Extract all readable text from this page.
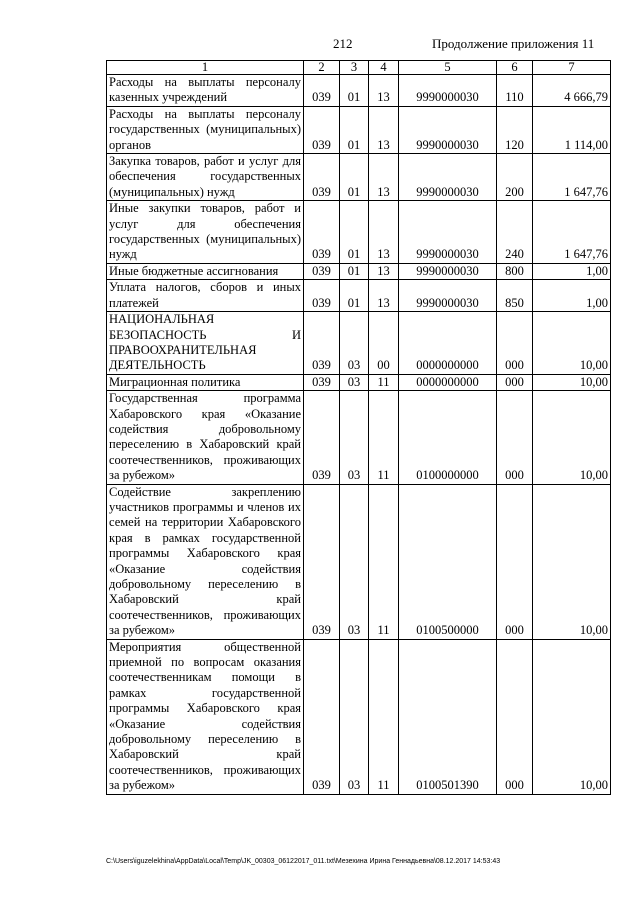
212	Продолжение приложения 11
1	2	3	4	5	6	7
Расходы на выплаты персоналу казенных учреждений	039	01	13	9990000030	110	4 666,79
Расходы на выплаты персоналу государственных (муниципальных) органов	039	01	13	9990000030	120	1 114,00
Закупка товаров, работ и услуг для обеспечения государственных (муниципальных) нужд	039	01	13	9990000030	200	1 647,76
Иные закупки товаров, работ и услуг для обеспечения государственных (муниципальных) нужд	039	01	13	9990000030	240	1 647,76
Иные бюджетные ассигнования	039	01	13	9990000030	800	1,00
Уплата налогов, сборов и иных платежей	039	01	13	9990000030	850	1,00
НАЦИОНАЛЬНАЯ БЕЗОПАСНОСТЬ И ПРАВООХРАНИТЕЛЬНАЯ ДЕЯТЕЛЬНОСТЬ	039	03	00	0000000000	000	10,00
Миграционная политика	039	03	11	0000000000	000	10,00
Государственная программа Хабаровского края «Оказание содействия добровольному переселению в Хабаровский край соотечественников, проживающих за рубежом»	039	03	11	0100000000	000	10,00
Содействие закреплению участников программы и членов их семей на территории Хабаровского края в рамках государственной программы Хабаровского края «Оказание содействия добровольному переселению в Хабаровский край соотечественников, проживающих за рубежом»	039	03	11	0100500000	000	10,00
Мероприятия общественной приемной по вопросам оказания соотечественникам помощи в рамках государственной программы Хабаровского края «Оказание содействия добровольному переселению в Хабаровский край соотечественников, проживающих за рубежом»	039	03	11	0100501390	000	10,00
C:\Users\iguzelekhina\AppData\Local\Temp\JK_00303_06122017_011.txt\Мезехина Ирина Геннадьевна\08.12.2017 14:53:43
